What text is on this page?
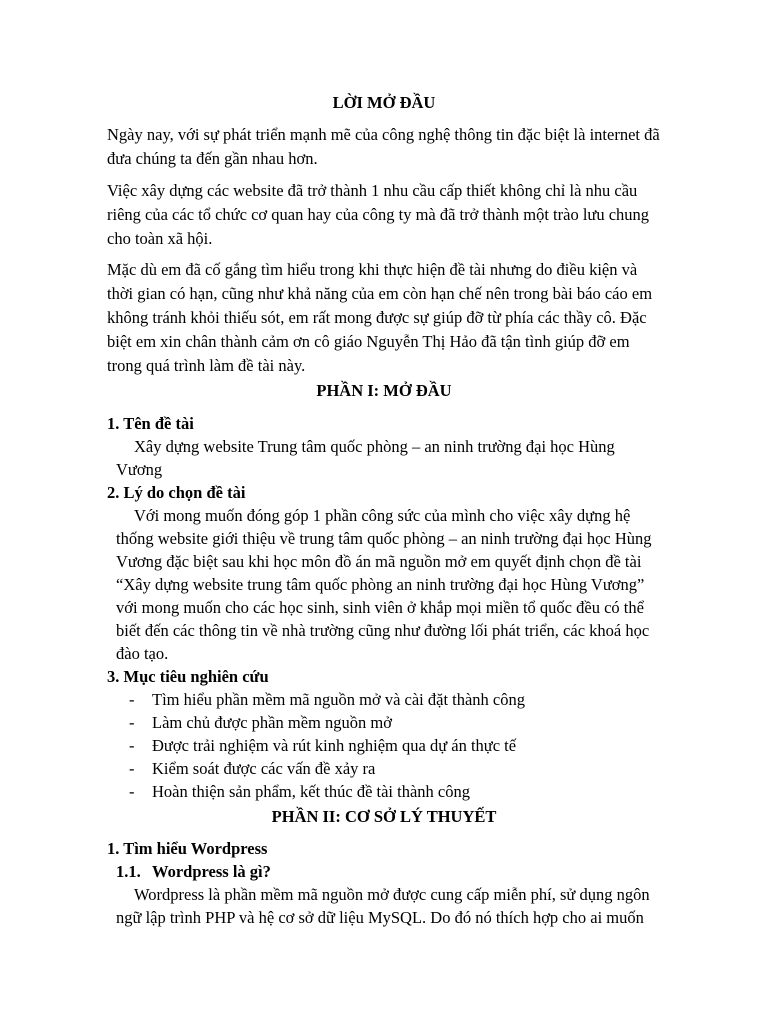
LỜI MỞ ĐẦU

Ngày nay, với sự phát triển mạnh mẽ của công nghệ thông tin đặc biệt là internet đã

đưa chúng ta đến gần nhau hơn.

Việc xây dựng các website đã trở thành 1 nhu cầu cấp thiết không chỉ là nhu cầu

riêng của các tổ chức cơ quan hay của công ty mà đã trở thành một trào lưu chung

cho toàn xã hội.

Mặc dù em đã cố gắng tìm hiểu trong khi thực hiện đề tài nhưng do điều kiện và

thời gian có hạn, cũng như khả năng của em còn hạn chế nên trong bài báo cáo em

không tránh khỏi thiếu sót, em rất mong được sự giúp đỡ từ phía các thầy cô. Đặc

biệt em xin chân thành cảm ơn cô giáo Nguyễn Thị Hảo đã tận tình giúp đỡ em

trong quá trình làm đề tài này.

PHẦN I: MỞ ĐẦU

1. Tên đề tài

Xây dựng website Trung tâm quốc phòng – an ninh trường đại học Hùng

Vương

2. Lý do chọn đề tài

Với mong muốn đóng góp 1 phần công sức của mình cho việc xây dựng hệ

thống website giới thiệu về trung tâm quốc phòng – an ninh trường đại học Hùng

Vương đặc biệt sau khi học môn đồ án mã nguồn mở em quyết định chọn đề tài

“Xây dựng website trung tâm quốc phòng an ninh trường đại học Hùng Vương”

với mong muốn cho các học sinh, sinh viên ở khắp mọi miền tổ quốc đều có thể

biết đến các thông tin về nhà trường cũng như đường lối phát triển, các khoá học

đào tạo.

3. Mục tiêu nghiên cứu

- Tìm hiểu phần mềm mã nguồn mở và cài đặt thành công

- Làm chủ được phần mềm nguồn mở

- Được trải nghiệm và rút kinh nghiệm qua dự án thực tế

- Kiểm soát được các vấn đề xảy ra

- Hoàn thiện sản phẩm, kết thúc đề tài thành công

PHẦN II: CƠ SỞ LÝ THUYẾT

1. Tìm hiểu Wordpress

1.1. Wordpress là gì?

Wordpress là phần mềm mã nguồn mở được cung cấp miễn phí, sử dụng ngôn

ngữ lập trình PHP và hệ cơ sở dữ liệu MySQL. Do đó nó thích hợp cho ai muốn
